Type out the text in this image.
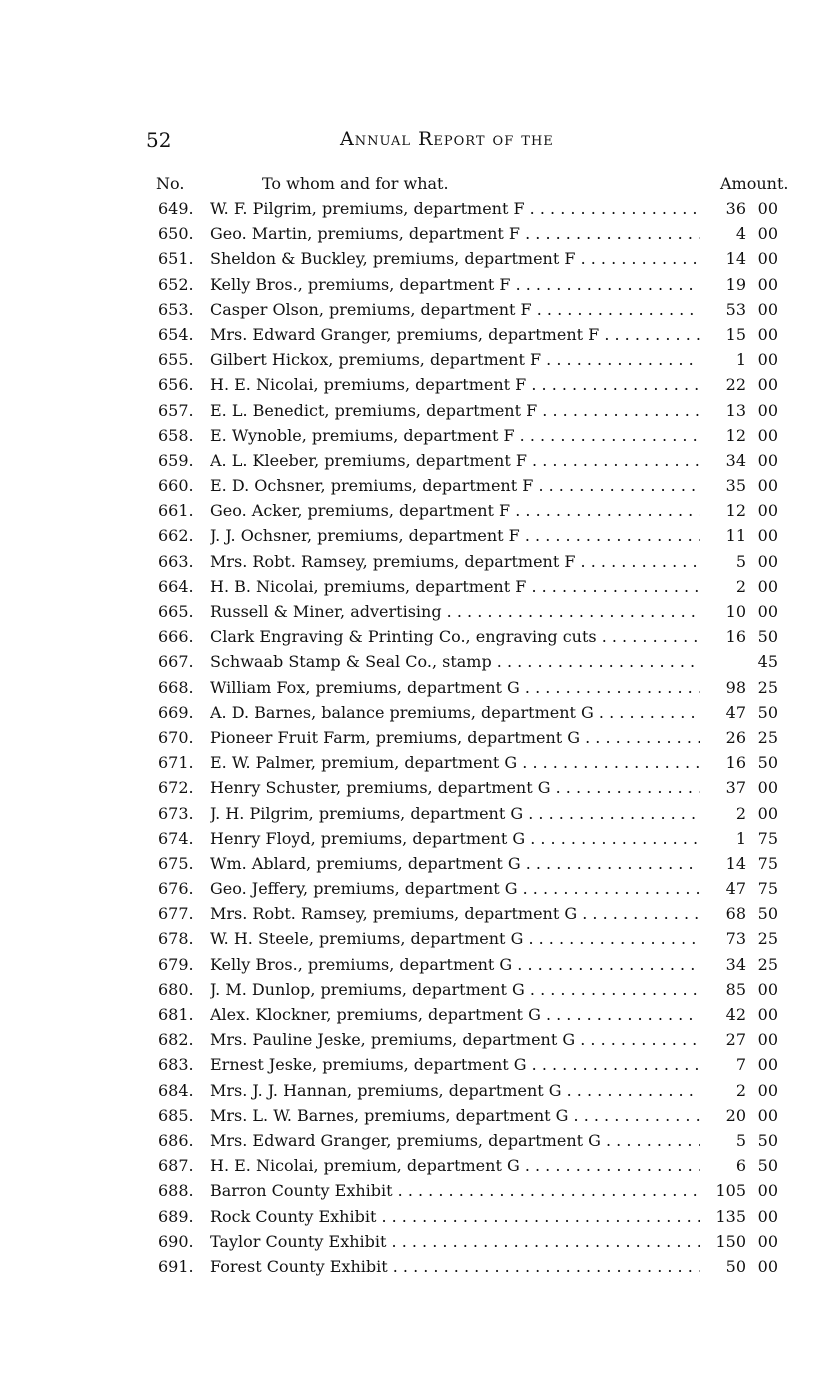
52	Annual Report of the
No.	To whom and for what.	Amount.
649.	W. F. Pilgrim, premiums, department F . . .	36 00
650.	Geo. Martin, premiums, department F . . .	4 00
651.	Sheldon & Buckley, premiums, department F . . .	14 00
652.	Kelly Bros., premiums, department F . . .	19 00
653.	Casper Olson, premiums, department F . . .	53 00
654.	Mrs. Edward Granger, premiums, department F . . .	15 00
655.	Gilbert Hickox, premiums, department F . . .	1 00
656.	H. E. Nicolai, premiums, department F . . .	22 00
657.	E. L. Benedict, premiums, department F . . .	13 00
658.	E. Wynoble, premiums, department F . . .	12 00
659.	A. L. Kleeber, premiums, department F . . .	34 00
660.	E. D. Ochsner, premiums, department F . . .	35 00
661.	Geo. Acker, premiums, department F . . .	12 00
662.	J. J. Ochsner, premiums, department F . . .	11 00
663.	Mrs. Robt. Ramsey, premiums, department F . . .	5 00
664.	H. B. Nicolai, premiums, department F . . .	2 00
665.	Russell & Miner, advertising . . .	10 00
666.	Clark Engraving & Printing Co., engraving cuts . . .	16 50
667.	Schwaab Stamp & Seal Co., stamp . . .	45
668.	William Fox, premiums, department G . . .	98 25
669.	A. D. Barnes, balance premiums, department G . . .	47 50
670.	Pioneer Fruit Farm, premiums, department G . . .	26 25
671.	E. W. Palmer, premium, department G . . .	16 50
672.	Henry Schuster, premiums, department G . . .	37 00
673.	J. H. Pilgrim, premiums, department G . . .	2 00
674.	Henry Floyd, premiums, department G . . .	1 75
675.	Wm. Ablard, premiums, department G . . .	14 75
676.	Geo. Jeffery, premiums, department G . . .	47 75
677.	Mrs. Robt. Ramsey, premiums, department G . . .	68 50
678.	W. H. Steele, premiums, department G . . .	73 25
679.	Kelly Bros., premiums, department G . . .	34 25
680.	J. M. Dunlop, premiums, department G . . .	85 00
681.	Alex. Klockner, premiums, department G . . .	42 00
682.	Mrs. Pauline Jeske, premiums, department G . . .	27 00
683.	Ernest Jeske, premiums, department G . . .	7 00
684.	Mrs. J. J. Hannan, premiums, department G . . .	2 00
685.	Mrs. L. W. Barnes, premiums, department G . . .	20 00
686.	Mrs. Edward Granger, premiums, department G . . .	5 50
687.	H. E. Nicolai, premium, department G . . .	6 50
688.	Barron County Exhibit . . .	105 00
689.	Rock County Exhibit . . .	135 00
690.	Taylor County Exhibit . . .	150 00
691.	Forest County Exhibit . . .	50 00
